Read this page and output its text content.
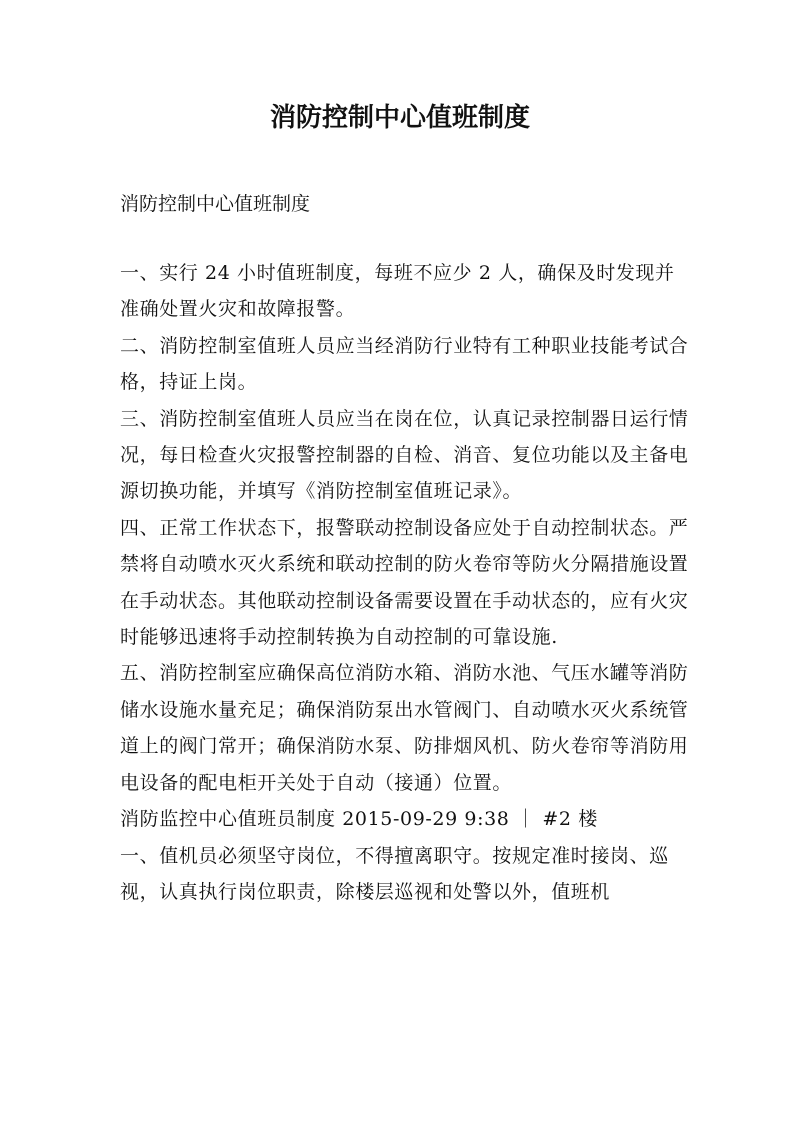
消防控制中心值班制度
消防控制中心值班制度

一、实行 24 小时值班制度，每班不应少 2 人，确保及时发现并准确处置火灾和故障报警。

二、消防控制室值班人员应当经消防行业特有工种职业技能考试合格，持证上岗。

三、消防控制室值班人员应当在岗在位，认真记录控制器日运行情况，每日检查火灾报警控制器的自检、消音、复位功能以及主备电源切换功能，并填写《消防控制室值班记录》。

四、正常工作状态下，报警联动控制设备应处于自动控制状态。严禁将自动喷水灭火系统和联动控制的防火卷帘等防火分隔措施设置在手动状态。其他联动控制设备需要设置在手动状态的，应有火灾时能够迅速将手动控制转换为自动控制的可靠设施.

五、消防控制室应确保高位消防水箱、消防水池、气压水罐等消防储水设施水量充足；确保消防泵出水管阀门、自动喷水灭火系统管道上的阀门常开；确保消防水泵、防排烟风机、防火卷帘等消防用电设备的配电柜开关处于自动（接通）位置。

消防监控中心值班员制度 2015-09-29 9:38 ｜ #2 楼

一、值机员必须坚守岗位，不得擅离职守。按规定准时接岗、巡视，认真执行岗位职责，除楼层巡视和处警以外，值班机
